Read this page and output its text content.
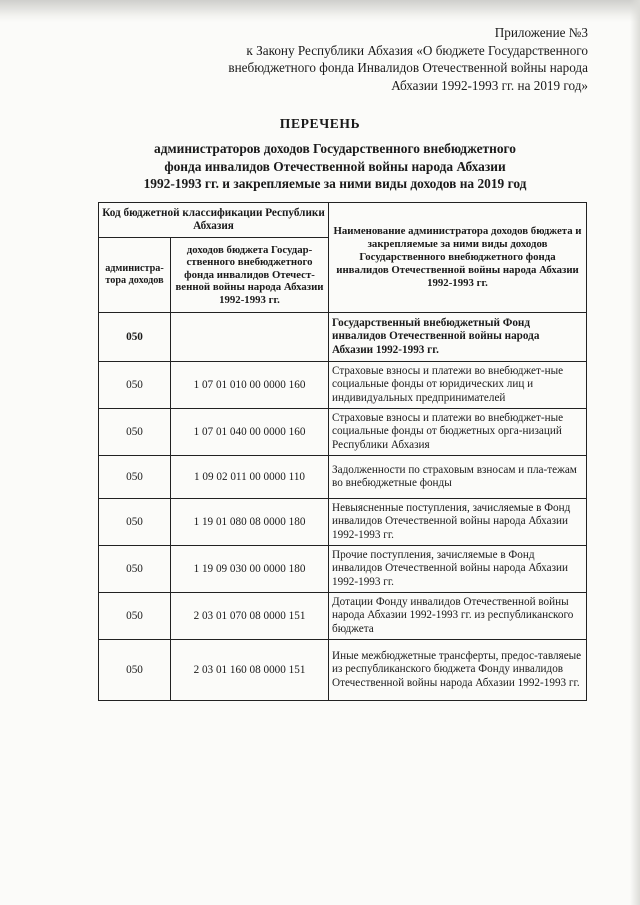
Приложение №3
к Закону Республики Абхазия «О бюджете Государственного
внебюджетного фонда Инвалидов Отечественной войны народа
Абхазии 1992-1993 гг. на 2019 год»
ПЕРЕЧЕНЬ
администраторов доходов Государственного внебюджетного
фонда инвалидов Отечественной войны народа Абхазии
1992-1993 гг. и закрепляемые за ними виды доходов на 2019 год
Код бюджетной классификации Республики Абхазия		Наименование администратора доходов бюджета и закрепляемые за ними виды доходов Государственного внебюджетного фонда инвалидов Отечественной войны народа Абхазии 1992-1993 гг.
администра-тора доходов	доходов бюджета Государ-ственного внебюджетного фонда инвалидов Отечест-венной войны народа Абхазии 1992-1993 гг.	
050		Государственный внебюджетный Фонд инвалидов Отечественной войны народа Абхазии 1992-1993 гг.
050	1 07 01 010 00 0000 160	Страховые взносы и платежи во внебюджет-ные социальные фонды от юридических лиц и индивидуальных предпринимателей
050	1 07 01 040 00 0000 160	Страховые взносы и платежи во внебюджет-ные социальные фонды от бюджетных орга-низаций Республики Абхазия
050	1 09 02 011 00 0000 110	Задолженности по страховым взносам и пла-тежам во внебюджетные фонды
050	1 19 01 080 08 0000 180	Невыясненные поступления, зачисляемые в Фонд инвалидов Отечественной войны народа Абхазии 1992-1993 гг.
050	1 19 09 030 00 0000 180	Прочие поступления, зачисляемые в Фонд инвалидов Отечественной войны народа Абхазии 1992-1993 гг.
050	2 03 01 070 08 0000 151	Дотации Фонду инвалидов Отечественной войны народа Абхазии 1992-1993 гг. из республиканского бюджета
050	2 03 01 160 08 0000 151	Иные межбюджетные трансферты, предос-тавляеые из республиканского бюджета Фонду инвалидов Отечественной войны народа Абхазии 1992-1993 гг.
